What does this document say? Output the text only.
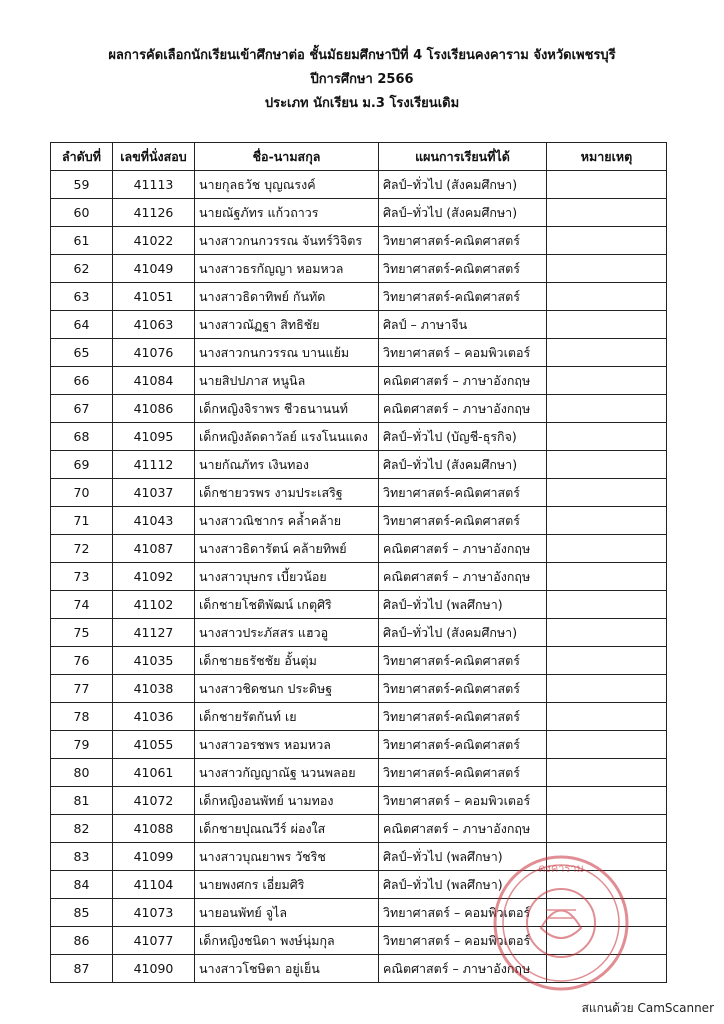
ผลการคัดเลือกนักเรียนเข้าศึกษาต่อ ชั้นมัธยมศึกษาปีที่ 4 โรงเรียนคงคาราม จังหวัดเพชรบุรี
ปีการศึกษา 2566
ประเภท นักเรียน ม.3 โรงเรียนเดิม
ลำดับที่	เลขที่นั่งสอบ	ชื่อ-นามสกุล	แผนการเรียนที่ได้	หมายเหตุ
59	41113	นายกุลธวัช บุญณรงค์	ศิลป์–ทั่วไป (สังคมศึกษา)	
60	41126	นายณัฐภัทร แก้วถาวร	ศิลป์–ทั่วไป (สังคมศึกษา)	
61	41022	นางสาวกนกวรรณ จันทร์วิจิตร	วิทยาศาสตร์-คณิตศาสตร์	
62	41049	นางสาวธรกัญญา หอมหวล	วิทยาศาสตร์-คณิตศาสตร์	
63	41051	นางสาวธิดาทิพย์ กันทัด	วิทยาศาสตร์-คณิตศาสตร์	
64	41063	นางสาวณัฏฐา สิทธิชัย	ศิลป์ – ภาษาจีน	
65	41076	นางสาวกนกวรรณ บานแย้ม	วิทยาศาสตร์ – คอมพิวเตอร์	
66	41084	นายสิปปภาส หนูนิล	คณิตศาสตร์ – ภาษาอังกฤษ	
67	41086	เด็กหญิงจิราพร ชีวธนานนท์	คณิตศาสตร์ – ภาษาอังกฤษ	
68	41095	เด็กหญิงลัดดาวัลย์ แรงโนนแดง	ศิลป์–ทั่วไป (บัญชี-ธุรกิจ)	
69	41112	นายกัณภัทร เงินทอง	ศิลป์–ทั่วไป (สังคมศึกษา)	
70	41037	เด็กชายวรพร งามประเสริฐ	วิทยาศาสตร์-คณิตศาสตร์	
71	41043	นางสาวณิชากร คล้ำคล้าย	วิทยาศาสตร์-คณิตศาสตร์	
72	41087	นางสาวธิดารัตน์ คล้ายทิพย์	คณิตศาสตร์ – ภาษาอังกฤษ	
73	41092	นางสาวบุษกร เบี้ยวน้อย	คณิตศาสตร์ – ภาษาอังกฤษ	
74	41102	เด็กชายโชติพัฒน์ เกตุศิริ	ศิลป์–ทั่วไป (พลศึกษา)	
75	41127	นางสาวประภัสสร แฮวอู	ศิลป์–ทั่วไป (สังคมศึกษา)	
76	41035	เด็กชายธรัชชัย อั้นตุ่ม	วิทยาศาสตร์-คณิตศาสตร์	
77	41038	นางสาวชิดชนก ประดิษฐ	วิทยาศาสตร์-คณิตศาสตร์	
78	41036	เด็กชายรัตกันท์ เย	วิทยาศาสตร์-คณิตศาสตร์	
79	41055	นางสาวอรชพร หอมหวล	วิทยาศาสตร์-คณิตศาสตร์	
80	41061	นางสาวกัญญาณัฐ นวนพลอย	วิทยาศาสตร์-คณิตศาสตร์	
81	41072	เด็กหญิงอนพัทย์ นามทอง	วิทยาศาสตร์ – คอมพิวเตอร์	
82	41088	เด็กชายปุณณวีร์ ผ่องใส	คณิตศาสตร์ – ภาษาอังกฤษ	
83	41099	นางสาวบุณยาพร วัชริช	ศิลป์–ทั่วไป (พลศึกษา)	
84	41104	นายพงศกร เอี่ยมศิริ	ศิลป์–ทั่วไป (พลศึกษา)	
85	41073	นายอนพัทย์ จูไล	วิทยาศาสตร์ – คอมพิวเตอร์	
86	41077	เด็กหญิงชนิดา พงษ์นุ่มกุล	วิทยาศาสตร์ – คอมพิวเตอร์	
87	41090	นางสาวโชษิตา อยู่เย็น	คณิตศาสตร์ – ภาษาอังกฤษ	
คงคาราม
สแกนด้วย CamScanner
